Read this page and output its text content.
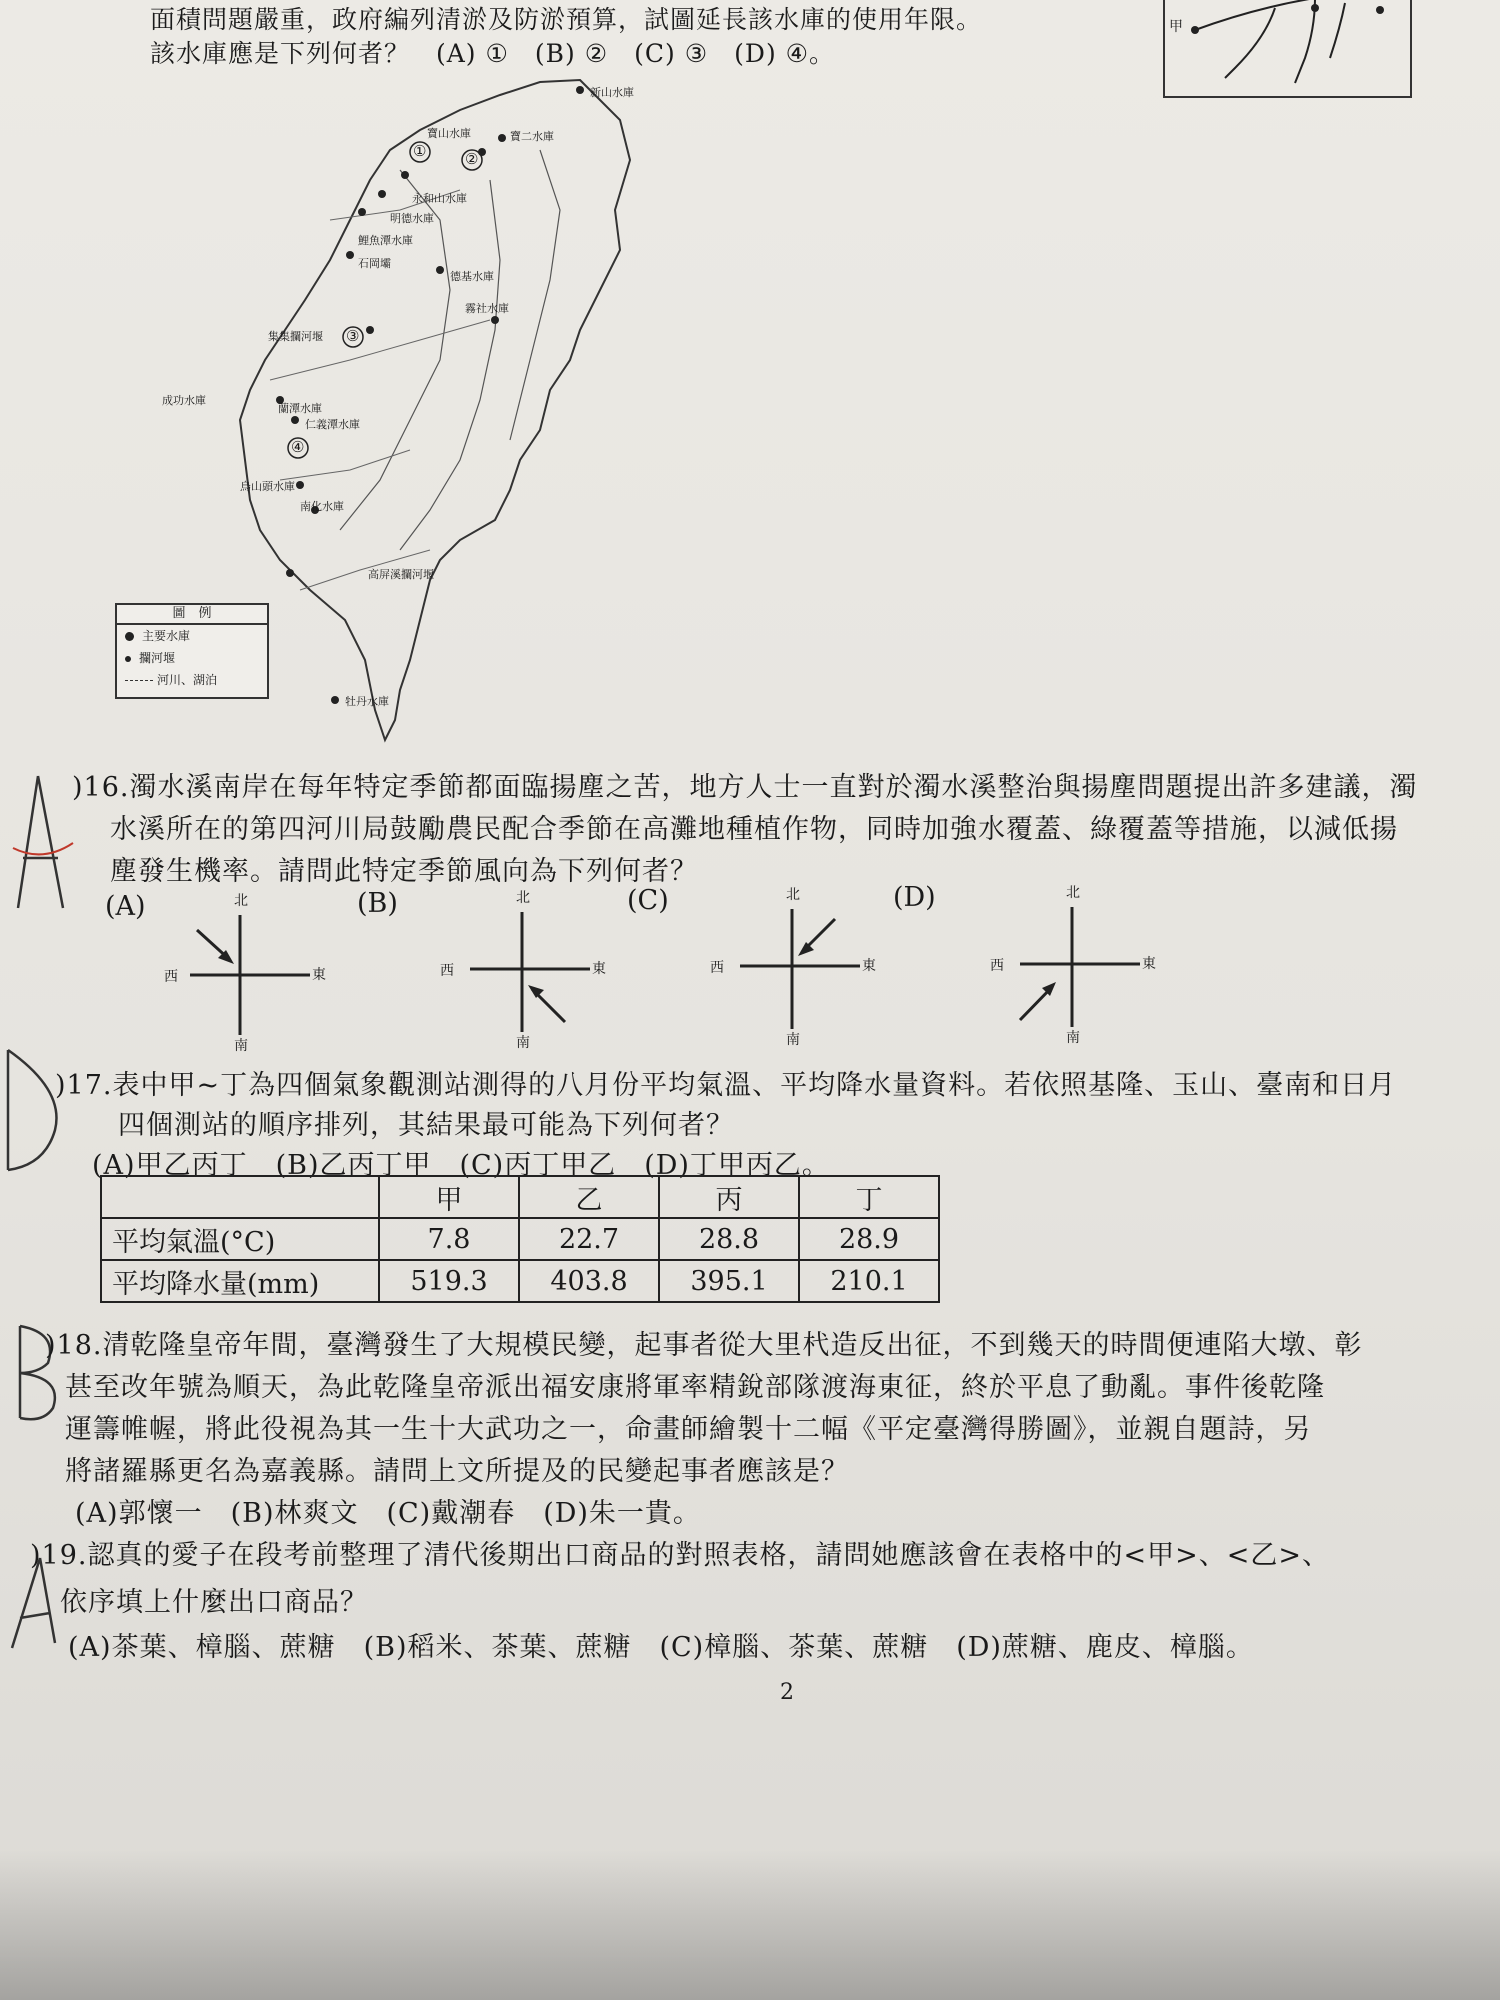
面積問題嚴重，政府編列清淤及防淤預算，試圖延長該水庫的使用年限。
該水庫應是下列何者？　(A) ①　(B) ②　(C) ③　(D) ④。
甲
①	②
③
④
新山水庫
寶山水庫	寶二水庫
永和山水庫
明德水庫
鯉魚潭水庫
石岡壩
德基水庫
霧社水庫
集集攔河堰
成功水庫
蘭潭水庫
仁義潭水庫
烏山頭水庫
南化水庫
高屏溪攔河堰
牡丹水庫
圖　例
主要水庫
攔河堰
河川、湖泊
)16.濁水溪南岸在每年特定季節都面臨揚塵之苦，地方人士一直對於濁水溪整治與揚塵問題提出許多建議，濁
水溪所在的第四河川局鼓勵農民配合季節在高灘地種植作物，同時加強水覆蓋、綠覆蓋等措施，以減低揚
塵發生機率。請問此特定季節風向為下列何者？
(A)	(B)	(C)	(D)
北
南
西	東
北
南
西	東
北
南
西	東
北
南
西	東
)17.表中甲~丁為四個氣象觀測站測得的八月份平均氣溫、平均降水量資料。若依照基隆、玉山、臺南和日月
四個測站的順序排列，其結果最可能為下列何者？
(A)甲乙丙丁　(B)乙丙丁甲　(C)丙丁甲乙　(D)丁甲丙乙。
	甲	乙	丙	丁
平均氣溫(°C)	7.8	22.7	28.8	28.9
平均降水量(mm)	519.3	403.8	395.1	210.1
)18.清乾隆皇帝年間，臺灣發生了大規模民變，起事者從大里杙造反出征，不到幾天的時間便連陷大墩、彰
甚至改年號為順天，為此乾隆皇帝派出福安康將軍率精銳部隊渡海東征，終於平息了動亂。事件後乾隆
運籌帷幄，將此役視為其一生十大武功之一，命畫師繪製十二幅《平定臺灣得勝圖》，並親自題詩，另
將諸羅縣更名為嘉義縣。請問上文所提及的民變起事者應該是？
(A)郭懷一　(B)林爽文　(C)戴潮春　(D)朱一貴。
)19.認真的愛子在段考前整理了清代後期出口商品的對照表格，請問她應該會在表格中的<甲>、<乙>、
依序填上什麼出口商品？
(A)茶葉、樟腦、蔗糖　(B)稻米、茶葉、蔗糖　(C)樟腦、茶葉、蔗糖　(D)蔗糖、鹿皮、樟腦。
2
